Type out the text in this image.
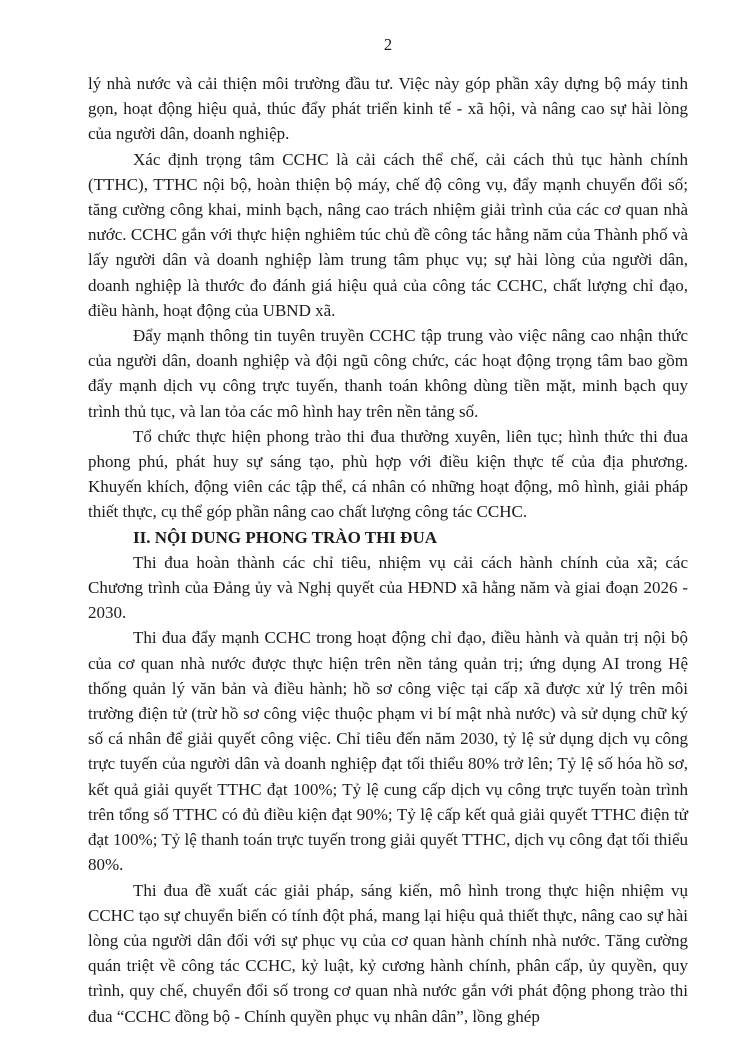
2

lý nhà nước và cải thiện môi trường đầu tư. Việc này góp phần xây dựng bộ máy tinh gọn, hoạt động hiệu quả, thúc đẩy phát triển kinh tế - xã hội, và nâng cao sự hài lòng của người dân, doanh nghiệp.

Xác định trọng tâm CCHC là cải cách thể chế, cải cách thủ tục hành chính (TTHC), TTHC nội bộ, hoàn thiện bộ máy, chế độ công vụ, đẩy mạnh chuyển đổi số; tăng cường công khai, minh bạch, nâng cao trách nhiệm giải trình của các cơ quan nhà nước. CCHC gắn với thực hiện nghiêm túc chủ đề công tác hằng năm của Thành phố và lấy người dân và doanh nghiệp làm trung tâm phục vụ; sự hài lòng của người dân, doanh nghiệp là thước đo đánh giá hiệu quả của công tác CCHC, chất lượng chỉ đạo, điều hành, hoạt động của UBND xã.

Đẩy mạnh thông tin tuyên truyền CCHC tập trung vào việc nâng cao nhận thức của người dân, doanh nghiệp và đội ngũ công chức, các hoạt động trọng tâm bao gồm đẩy mạnh dịch vụ công trực tuyến, thanh toán không dùng tiền mặt, minh bạch quy trình thủ tục, và lan tỏa các mô hình hay trên nền tảng số.

Tổ chức thực hiện phong trào thi đua thường xuyên, liên tục; hình thức thi đua phong phú, phát huy sự sáng tạo, phù hợp với điều kiện thực tế của địa phương. Khuyến khích, động viên các tập thể, cá nhân có những hoạt động, mô hình, giải pháp thiết thực, cụ thể góp phần nâng cao chất lượng công tác CCHC.

II. NỘI DUNG PHONG TRÀO THI ĐUA

Thi đua hoàn thành các chỉ tiêu, nhiệm vụ cải cách hành chính của xã; các Chương trình của Đảng ủy và Nghị quyết của HĐND xã hằng năm và giai đoạn 2026 - 2030.

Thi đua đẩy mạnh CCHC trong hoạt động chỉ đạo, điều hành và quản trị nội bộ của cơ quan nhà nước được thực hiện trên nền tảng quản trị; ứng dụng AI trong Hệ thống quản lý văn bản và điều hành; hồ sơ công việc tại cấp xã được xử lý trên môi trường điện tử (trừ hồ sơ công việc thuộc phạm vi bí mật nhà nước) và sử dụng chữ ký số cá nhân để giải quyết công việc. Chỉ tiêu đến năm 2030, tỷ lệ sử dụng dịch vụ công trực tuyến của người dân và doanh nghiệp đạt tối thiểu 80% trở lên; Tỷ lệ số hóa hồ sơ, kết quả giải quyết TTHC đạt 100%; Tỷ lệ cung cấp dịch vụ công trực tuyến toàn trình trên tổng số TTHC có đủ điều kiện đạt 90%; Tỷ lệ cấp kết quả giải quyết TTHC điện tử đạt 100%; Tỷ lệ thanh toán trực tuyến trong giải quyết TTHC, dịch vụ công đạt tối thiểu 80%.

Thi đua đề xuất các giải pháp, sáng kiến, mô hình trong thực hiện nhiệm vụ CCHC tạo sự chuyển biến có tính đột phá, mang lại hiệu quả thiết thực, nâng cao sự hài lòng của người dân đối với sự phục vụ của cơ quan hành chính nhà nước. Tăng cường quán triệt về công tác CCHC, kỷ luật, kỷ cương hành chính, phân cấp, ủy quyền, quy trình, quy chế, chuyển đổi số trong cơ quan nhà nước gắn với phát động phong trào thi đua “CCHC đồng bộ - Chính quyền phục vụ nhân dân”, lồng ghép
